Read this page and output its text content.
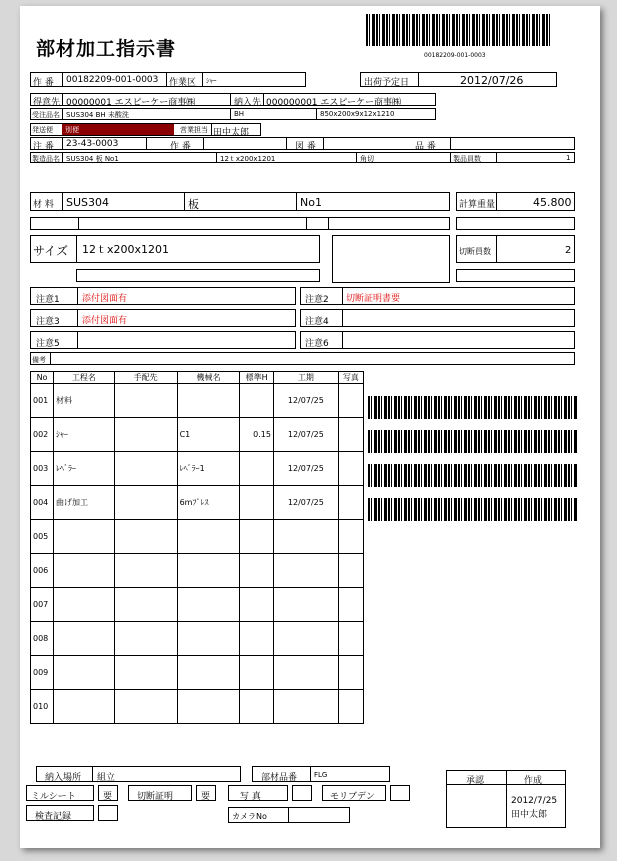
部材加工指示書	00182209-001-0003
作 番 00182209-001-0003 作業区 ｼｬｰ	出荷予定日	2012/07/26
得意先 00000001 エスピーケー商事㈱	納入先 000000001 エスピーケー商事㈱
受注品名 SUS304 BH 未酸洗	BH	850x200x9x12x1210
発送便 別便	営業担当 田中太郎
注 番 23-43-0003	作 番	図 番	品 番
製造品名 SUS304 板 No1	12ｔx200x1201	角切	製品員数	1
材 料 SUS304	板	No1	計算重量	45.800
サイズ 12ｔx200x1201	切断員数	2
注意1 添付図面有	注意2 切断証明書要
注意3 添付図面有	注意4
注意5	注意6
備考
No	工程名	手配先	機械名	標準H	工期	写真
001	材料				12/07/25	
002	ｼｬｰ		C1	0.15	12/07/25	
003	ﾚﾍﾞﾗｰ		ﾚﾍﾞﾗｰ1		12/07/25	
004	曲げ加工		6mﾌﾟﾚｽ		12/07/25	
005						
006						
007						
008						
009						
010						
納入場所 組立	部材品番 FLG
ミルシート	要	切断証明	要	写 真	モリブデン
検査記録	カメラNo
承認	作成
2012/7/25
田中太郎
